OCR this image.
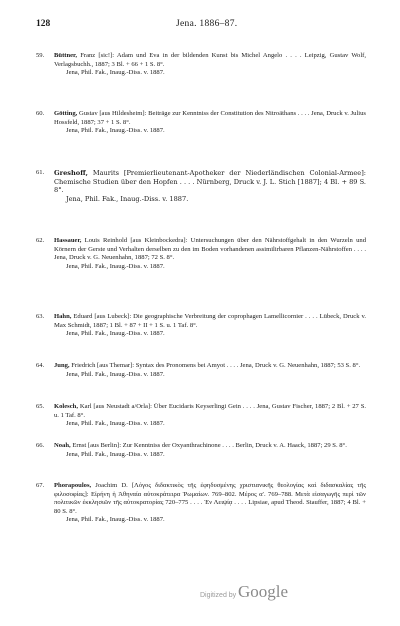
128	Jena. 1886–87.
59.	Büttner, Franz [sic!]: Adam und Eva in der bildenden Kunst bis Michel Angelo . . . . Leipzig, Gustav Wolf, Verlagsbuchh., 1887; 3 Bl. + 66 + 1 S. 8°.
Jena, Phil. Fak., Inaug.-Diss. v. 1887.
60.	Götting, Gustav [aus Hildesheim]: Beiträge zur Kenntniss der Constitution des Nitroäthans . . . . Jena, Druck v. Julius Hossfeld, 1887; 37 + 1 S. 8°.
Jena, Phil. Fak., Inaug.-Diss. v. 1887.
61.	Greshoff, Maurits [Premierlieutenant-Apotheker der Niederländischen Colonial-Armee]: Chemische Studien über den Hopfen . . . . Nürnberg, Druck v. J. L. Stich [1887]; 4 Bl. + 89 S. 8°.
Jena, Phil. Fak., Inaug.-Diss. v. 1887.
62.	Hassauer, Louis Reinhold [aus Kleinbockedra]: Untersuchungen über den Nährstoffgehalt in den Wurzeln und Körnern der Gerste und Verhalten derselben zu den im Boden vorhandenen assimilirbaren Pflanzen-Nährstoffen . . . . Jena, Druck v. G. Neuenhahn, 1887; 72 S. 8°.
Jena, Phil. Fak., Inaug.-Diss. v. 1887.
63.	Hahn, Eduard [aus Lubeck]: Die geographische Verbreitung der coprophagen Lamellicornier . . . . Lübeck, Druck v. Max Schmidt, 1887; 1 Bl. + 87 + II + 1 S. u. 1 Taf. 8°.
Jena, Phil. Fak., Inaug.-Diss. v. 1887.
64.	Jung, Friedrich [aus Themar]: Syntax des Pronomens bei Amyot . . . . Jena, Druck v. G. Neuenhahn, 1887; 53 S. 8°.
Jena, Phil. Fak., Inaug.-Diss. v. 1887.
65.	Kolesch, Karl [aus Neustadt a/Orla]: Über Eucidaris Keyserlingi Gein . . . . Jena, Gustav Fischer, 1887; 2 Bl. + 27 S. u. 1 Taf. 8°.
Jena, Phil. Fak., Inaug.-Diss. v. 1887.
66.	Noah, Ernst [aus Berlin]: Zur Kenntniss der Oxyanthrachinone . . . . Berlin, Druck v. A. Haack, 1887; 29 S. 8°.
Jena, Phil. Fak., Inaug.-Diss. v. 1887.
67.	Phorapoulos, Joachim D. [Λόγος διδακτικὸς τῆς ἐφηδυσμένης χριστιανικῆς θεολογίας καὶ διδασκαλίας τῆς φιλοσοφίας]: Εἰρήνη ἡ Ἀθηναία αὐτοκράτειρα Ῥωμαίων. 769–802. Μέρος αʹ. 769–788. Μετὰ εἰσαγωγῆς περὶ τῶν πολιτικῶν ἐκκλησιῶν τῆς αὐτοκρατορίας 720–775 . . . . Ἐν Λειψίᾳ . . . . Lipsiae, apud Theod. Stauffer, 1887; 4 Bl. + 80 S. 8°.
Jena, Phil. Fak., Inaug.-Diss. v. 1887.
Digitized by Google
